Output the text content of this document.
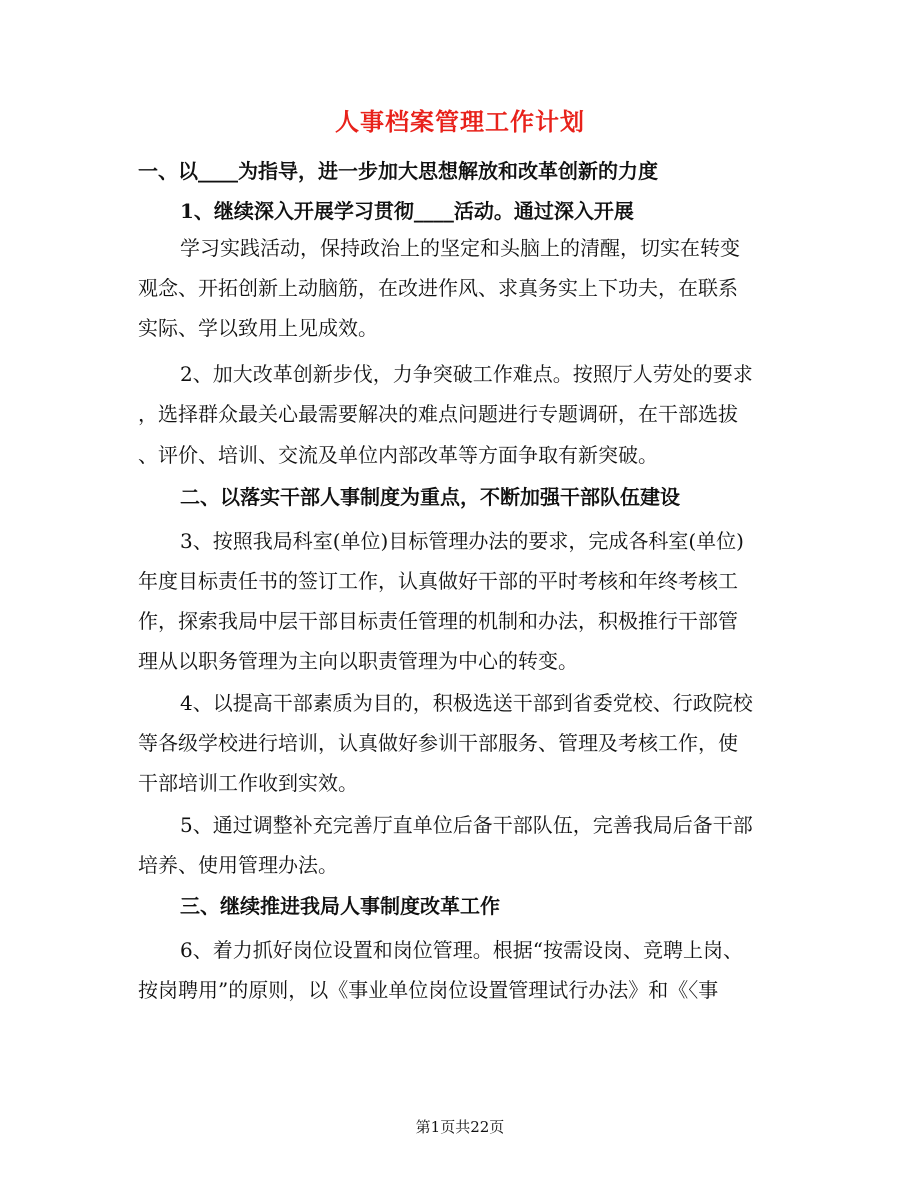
人事档案管理工作计划
一、以____为指导，进一步加大思想解放和改革创新的力度
1、继续深入开展学习贯彻____活动。通过深入开展
学习实践活动，保持政治上的坚定和头脑上的清醒，切实在转变
观念、开拓创新上动脑筋，在改进作风、求真务实上下功夫，在联系
实际、学以致用上见成效。
2、加大改革创新步伐，力争突破工作难点。按照厅人劳处的要求
，选择群众最关心最需要解决的难点问题进行专题调研，在干部选拔
、评价、培训、交流及单位内部改革等方面争取有新突破。
二、以落实干部人事制度为重点，不断加强干部队伍建设
3、按照我局科室(单位)目标管理办法的要求，完成各科室(单位)
年度目标责任书的签订工作，认真做好干部的平时考核和年终考核工
作，探索我局中层干部目标责任管理的机制和办法，积极推行干部管
理从以职务管理为主向以职责管理为中心的转变。
4、以提高干部素质为目的，积极选送干部到省委党校、行政院校
等各级学校进行培训，认真做好参训干部服务、管理及考核工作，使
干部培训工作收到实效。
5、通过调整补充完善厅直单位后备干部队伍，完善我局后备干部
培养、使用管理办法。
三、继续推进我局人事制度改革工作
6、着力抓好岗位设置和岗位管理。根据“按需设岗、竞聘上岗、
按岗聘用”的原则，以《事业单位岗位设置管理试行办法》和《〈事
第1页共22页
